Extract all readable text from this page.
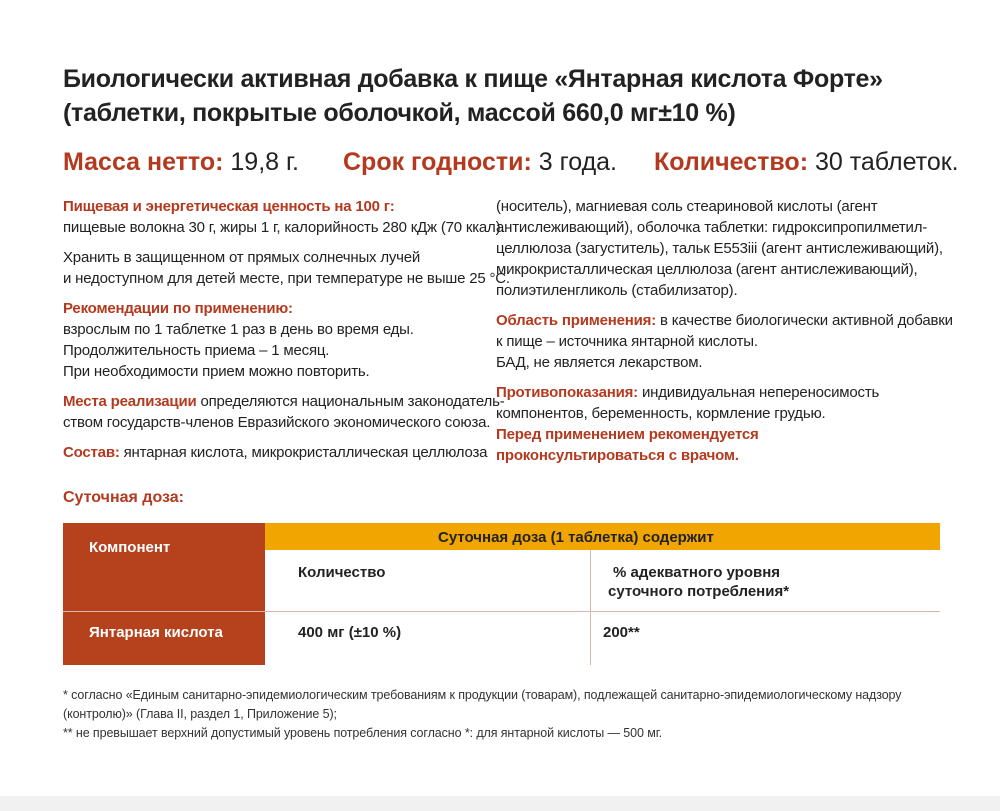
Биологически активная добавка к пище «Янтарная кислота Форте»
(таблетки, покрытые оболочкой, массой 660,0 мг±10 %)
Масса нетто: 19,8 г. Срок годности: 3 года. Количество: 30 таблеток.
Пищевая и энергетическая ценность на 100 г:
пищевые волокна 30 г, жиры 1 г, калорийность 280 кДж (70 ккал).
Хранить в защищенном от прямых солнечных лучей
и недоступном для детей месте, при температуре не выше 25 °C.
Рекомендации по применению:
взрослым по 1 таблетке 1 раз в день во время еды.
Продолжительность приема – 1 месяц.
При необходимости прием можно повторить.
Места реализации определяются национальным законодатель-
ством государств-членов Евразийского экономического союза.
Состав: янтарная кислота, микрокристаллическая целлюлоза
(носитель), магниевая соль стеариновой кислоты (агент
антислеживающий), оболочка таблетки: гидроксипропилметил-
целлюлоза (загуститель), тальк Е553iii (агент антислеживающий),
микрокристаллическая целлюлоза (агент антислеживающий),
полиэтиленгликоль (стабилизатор).
Область применения: в качестве биологически активной добавки
к пище – источника янтарной кислоты.
БАД, не является лекарством.
Противопоказания: индивидуальная непереносимость
компонентов, беременность, кормление грудью.
Перед применением рекомендуется
проконсультироваться с врачом.
Суточная доза:
Компонент
Суточная доза (1 таблетка) содержит
Количество	% адекватного уровня
суточного потребления*
Янтарная кислота	400 мг (±10 %)	200**
* согласно «Единым санитарно-эпидемиологическим требованиям к продукции (товарам), подлежащей санитарно-эпидемиологическому надзору
(контролю)» (Глава II, раздел 1, Приложение 5);
** не превышает верхний допустимый уровень потребления согласно *: для янтарной кислоты — 500 мг.
